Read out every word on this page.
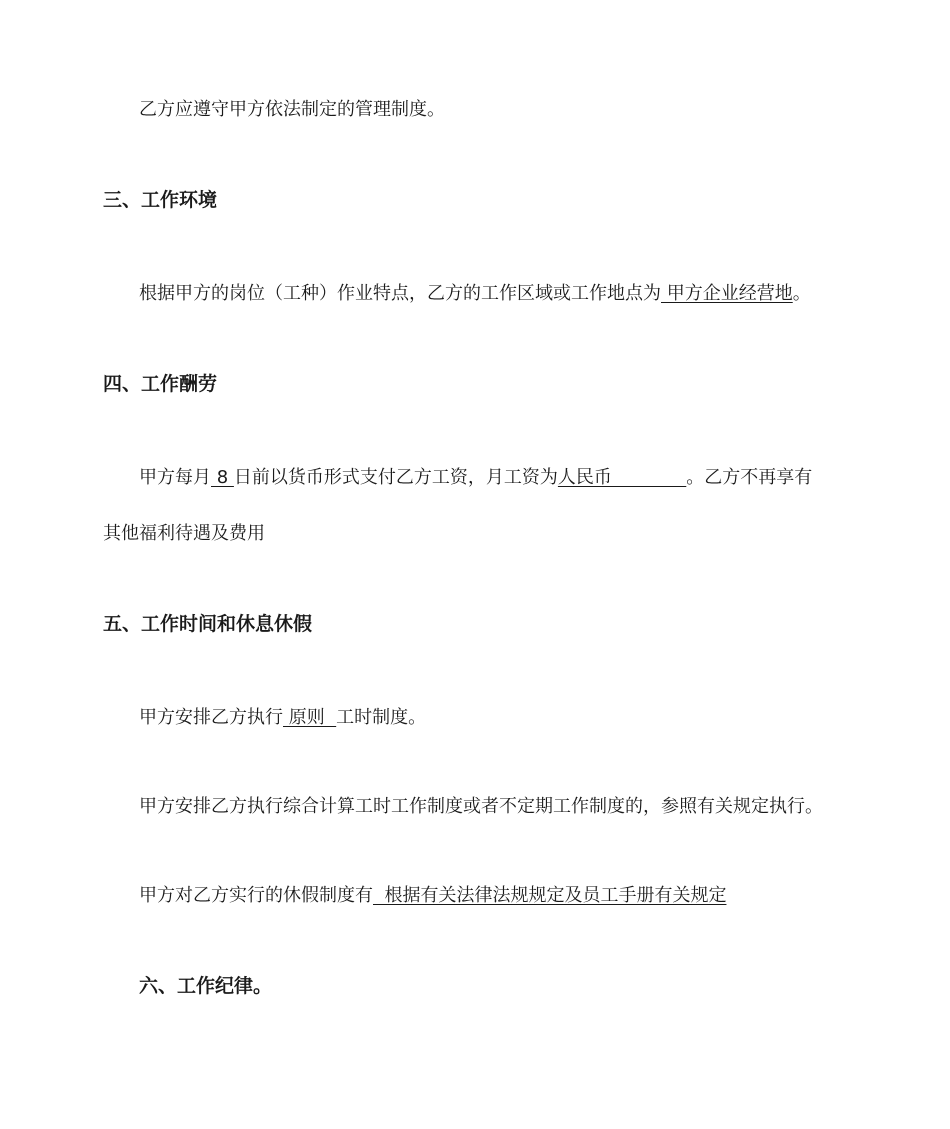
乙方应遵守甲方依法制定的管理制度。
三、工作环境
根据甲方的岗位（工种）作业特点，乙方的工作区域或工作地点为 甲方企业经营地。
四、工作酬劳
甲方每月 8 日前以货币形式支付乙方工资，月工资为人民币             。乙方不再享有
其他福利待遇及费用
五、工作时间和休息休假
甲方安排乙方执行 原则  工时制度。
甲方安排乙方执行综合计算工时工作制度或者不定期工作制度的，参照有关规定执行。
甲方对乙方实行的休假制度有  根据有关法律法规规定及员工手册有关规定
六、工作纪律。
